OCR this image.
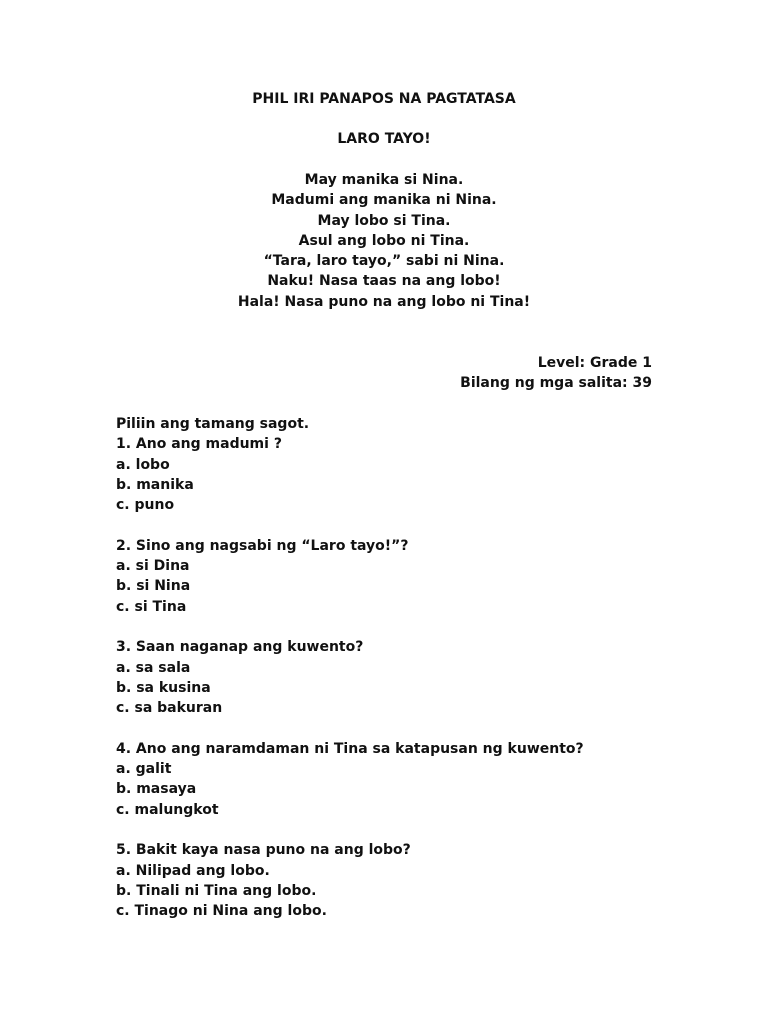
PHIL IRI PANAPOS NA PAGTATASA
LARO TAYO!
May manika si Nina.
Madumi ang manika ni Nina.
May lobo si Tina.
Asul ang lobo ni Tina.
“Tara, laro tayo,” sabi ni Nina.
Naku! Nasa taas na ang lobo!
Hala! Nasa puno na ang lobo ni Tina!
Level: Grade 1
Bilang ng mga salita: 39
Piliin ang tamang sagot.
1. Ano ang madumi ?
a. lobo
b. manika
c. puno
2. Sino ang nagsabi ng “Laro tayo!”?
a. si Dina
b. si Nina
c. si Tina
3. Saan naganap ang kuwento?
a. sa sala
b. sa kusina
c. sa bakuran
4. Ano ang naramdaman ni Tina sa katapusan ng kuwento?
a. galit
b. masaya
c. malungkot
5. Bakit kaya nasa puno na ang lobo?
a. Nilipad ang lobo.
b. Tinali ni Tina ang lobo.
c. Tinago ni Nina ang lobo.
